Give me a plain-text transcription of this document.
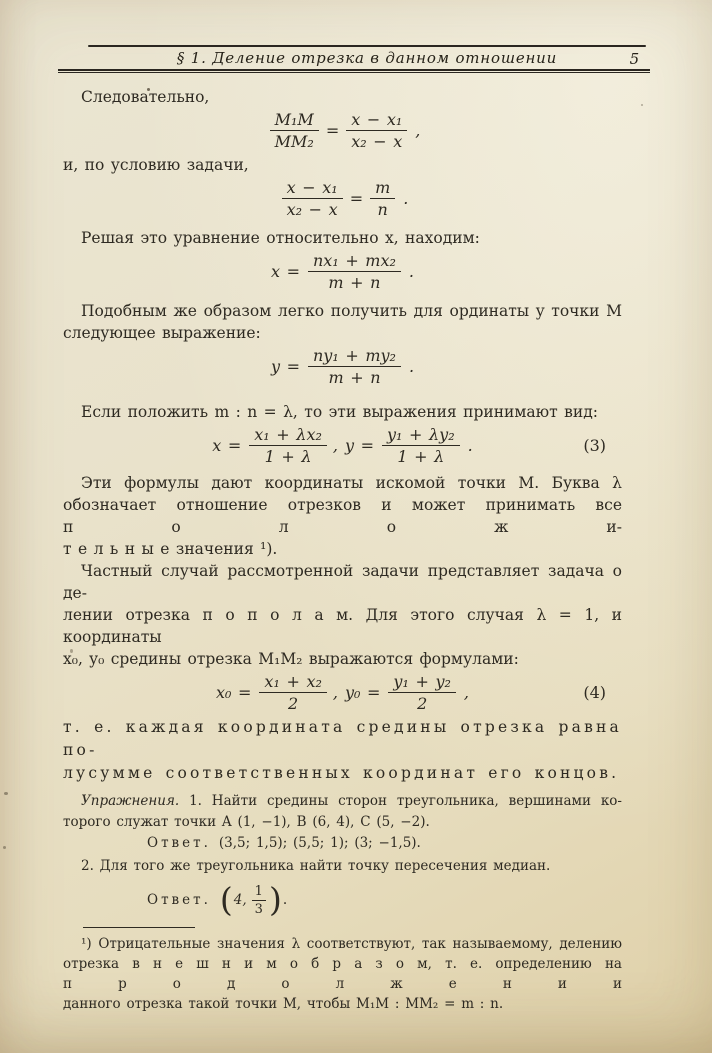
§ 1. Деление отрезка в данном отношении	5

Следовательно,

$\frac{\text{M₁M}}{\text{MM₂}} = \frac{\text{x − x₁}}{\text{x₂ − x}}$ ,

и, по условию задачи,

$\frac{\text{x − x₁}}{\text{x₂ − x}} = \frac{m}{n}$ .

Решая это уравнение относительно x, находим:

$x = \frac{\text{nx₁ + mx₂}}{m + n}$ .

Подобным же образом легко получить для ординаты y точки M

следующее выражение:

$y = \frac{\text{ny₁ + my₂}}{m + n}$ .

Если положить m : n = λ, то эти выражения принимают вид:

$x = \frac{\text{x₁ + λx₂}}{1 + \lambda}$ , $y = \frac{\text{y₁ + λy₂}}{1 + \lambda}$ .	(3)

Эти формулы дают координаты искомой точки M. Буква λ

обозначает отношение отрезков и может принимать все п о л о ж и-

т е л ь н ы е значения ¹).

Частный случай рассмотренной задачи представляет задача о де-

лении отрезка п о п о л а м. Для этого случая λ = 1, и координаты

x₀, y₀ средины отрезка M₁M₂ выражаются формулами:

$x_0 = \frac{\text{x₁ + x₂}}{2}$ , $y_0 = \frac{\text{y₁ + y₂}}{2}$ ,	(4)

т. е. каждая координата средины отрезка равна по-

лусумме соответственных координат его концов.

Упражнения. 1. Найти средины сторон треугольника, вершинами ко-

торого служат точки A (1, −1), B (6, 4), C (5, −2).

Ответ. (3,5; 1,5); (5,5; 1); (3; −1,5).

2. Для того же треугольника найти точку пересечения медиан.

Ответ. ( 4, $\frac{1}{3}$ ) .

¹) Отрицательные значения λ соответствуют, так называемому, делению

отрезка в н е ш н и м о б р а з о м, т. е. определению на п р о д о л ж е н и и

данного отрезка такой точки M, чтобы M₁M : MM₂ = m : n.
